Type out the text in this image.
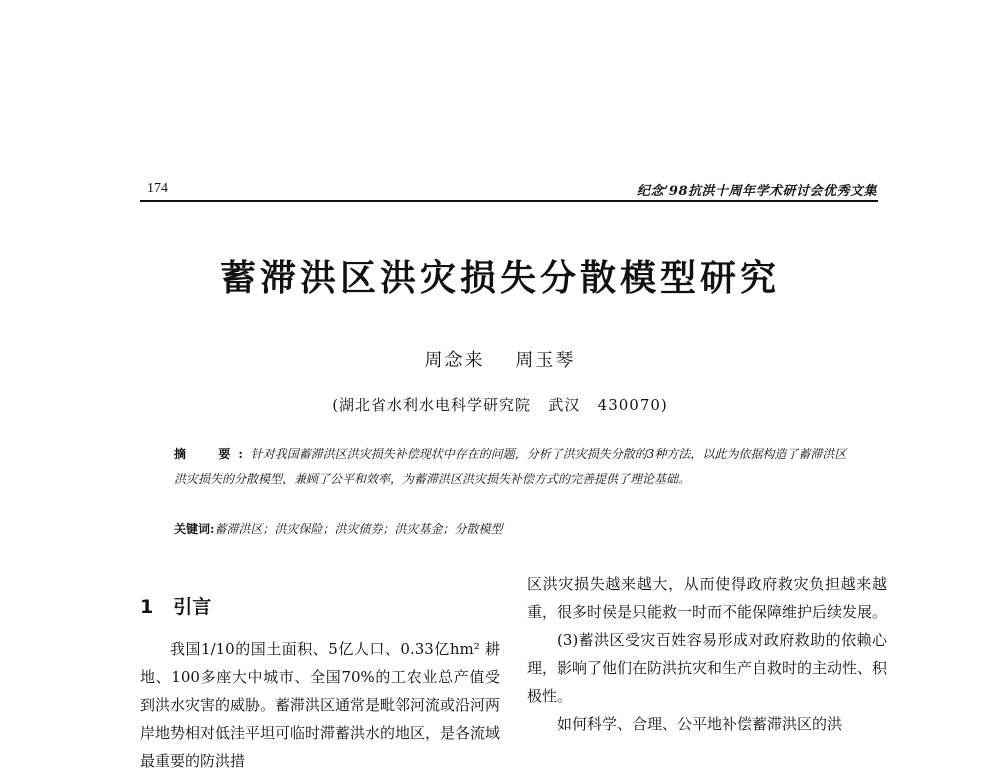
174	纪念’98抗洪十周年学术研讨会优秀文集
蓄滞洪区洪灾损失分散模型研究
周念来    周玉琴
(湖北省水利水电科学研究院   武汉   430070)
摘  要:针对我国蓄滞洪区洪灾损失补偿现状中存在的问题，分析了洪灾损失分散的3种方法，以此为依据构造了蓄滞洪区洪灾损失的分散模型，兼顾了公平和效率，为蓄滞洪区洪灾损失补偿方式的完善提供了理论基础。
关键词:蓄滞洪区；洪灾保险；洪灾债券；洪灾基金；分散模型
1 引言

我国1/10的国土面积、5亿人口、0.33亿hm² 耕地、100多座大中城市、全国70%的工农业总产值受到洪水灾害的威胁。蓄滞洪区通常是毗邻河流或沿河两岸地势相对低洼平坦可临时滞蓄洪水的地区，是各流域最重要的防洪措

区洪灾损失越来越大，从而使得政府救灾负担越来越重，很多时侯是只能救一时而不能保障维护后续发展。

(3)蓄洪区受灾百姓容易形成对政府救助的依赖心理，影响了他们在防洪抗灾和生产自救时的主动性、积极性。

如何科学、合理、公平地补偿蓄滞洪区的洪
